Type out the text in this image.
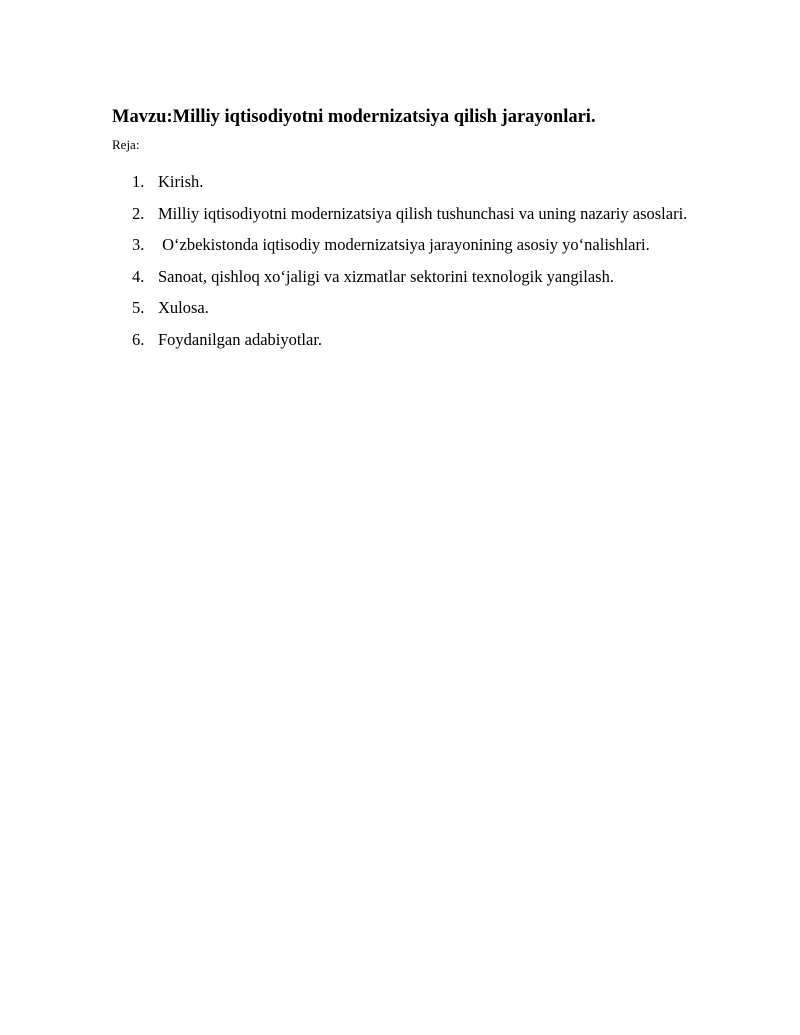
Mavzu:Milliy iqtisodiyotni modernizatsiya qilish jarayonlari.

Reja:

1. Kirish.
2. Milliy iqtisodiyotni modernizatsiya qilish tushunchasi va uning nazariy asoslari.
3. O‘zbekistonda iqtisodiy modernizatsiya jarayonining asosiy yo‘nalishlari.
4. Sanoat, qishloq xo‘jaligi va xizmatlar sektorini texnologik yangilash.
5. Xulosa.
6. Foydanilgan adabiyotlar.
